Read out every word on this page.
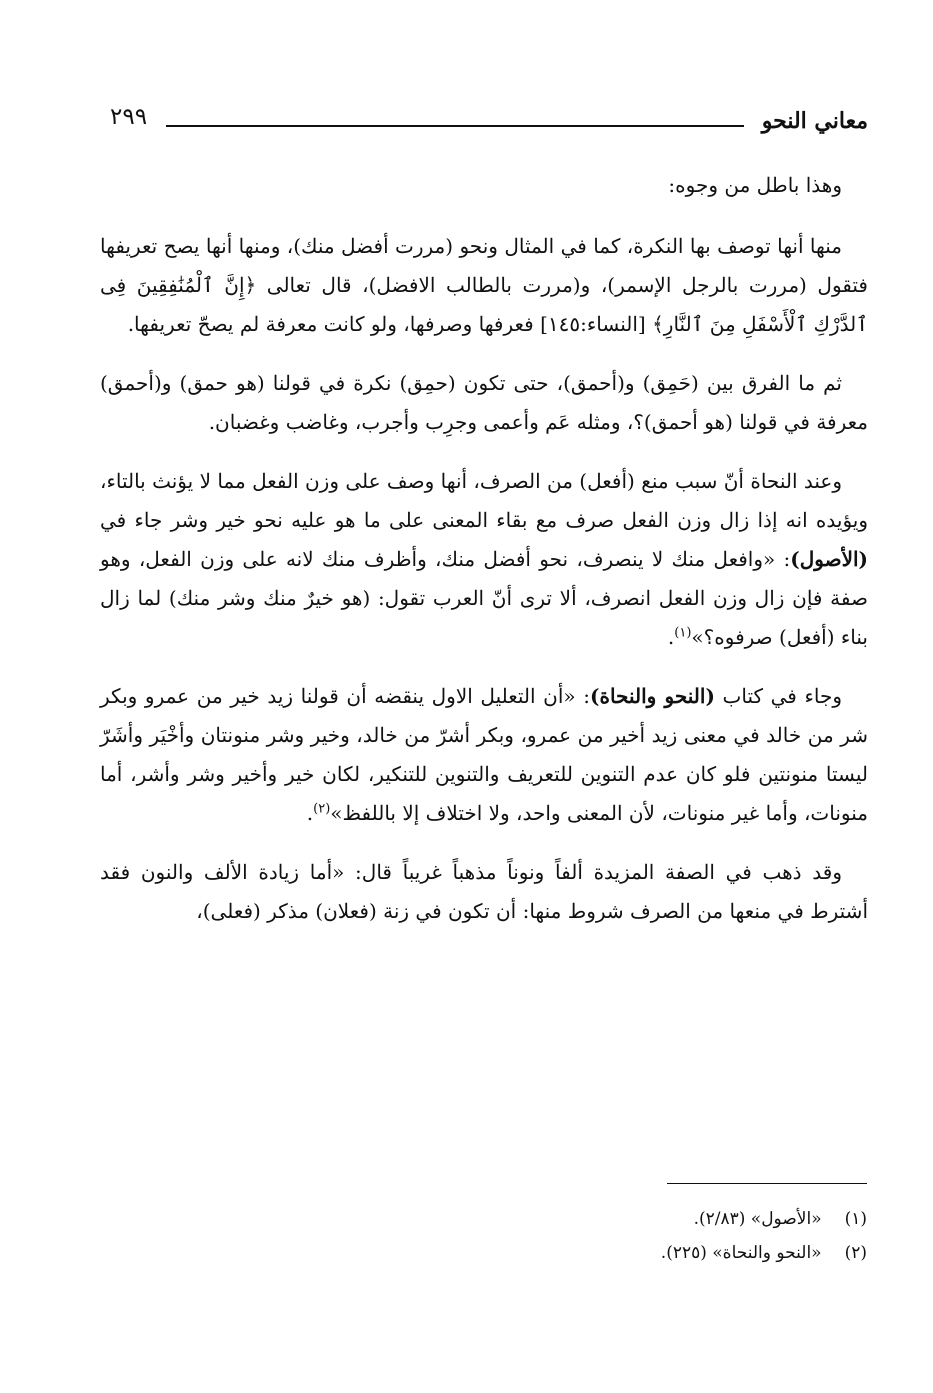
معاني النحو
٢٩٩

وهذا باطل من وجوه:

منها أنها توصف بها النكرة، كما في المثال ونحو (مررت أفضل منك)، ومنها أنها يصح تعريفها فتقول (مررت بالرجل الإسمر)، و(مررت بالطالب الافضل)، قال تعالى ﴿إِنَّ ٱلْمُنَٰفِقِينَ فِى ٱلدَّرْكِ ٱلْأَسْفَلِ مِنَ ٱلنَّارِ﴾ [النساء:١٤٥] فعرفها وصرفها، ولو كانت معرفة لم يصحّ تعريفها.

ثم ما الفرق بين (حَمِق) و(أحمق)، حتى تكون (حمِق) نكرة في قولنا (هو حمق) و(أحمق) معرفة في قولنا (هو أحمق)؟، ومثله عَم وأعمى وجرِب وأجرب، وغاضب وغضبان.

وعند النحاة أنّ سبب منع (أفعل) من الصرف، أنها وصف على وزن الفعل مما لا يؤنث بالتاء، ويؤيده انه إذا زال وزن الفعل صرف مع بقاء المعنى على ما هو عليه نحو خير وشر جاء في (الأصول): «وافعل منك لا ينصرف، نحو أفضل منك، وأظرف منك لانه على وزن الفعل، وهو صفة فإن زال وزن الفعل انصرف، ألا ترى أنّ العرب تقول: (هو خيرٌ منك وشر منك) لما زال بناء (أفعل) صرفوه؟»$^{(١)}$.

وجاء في كتاب (النحو والنحاة): «أن التعليل الاول ينقضه أن قولنا زيد خير من عمرو وبكر شر من خالد في معنى زيد أخير من عمرو، وبكر أشرّ من خالد، وخير وشر منونتان وأخْيَر وأشَرّ ليستا منونتين فلو كان عدم التنوين للتعريف والتنوين للتنكير، لكان خير وأخير وشر وأشر، أما منونات، وأما غير منونات، لأن المعنى واحد، ولا اختلاف إلا باللفظ»$^{(٢)}$.

وقد ذهب في الصفة المزيدة ألفاً ونوناً مذهباً غريباً قال: «أما زيادة الألف والنون فقد أشترط في منعها من الصرف شروط منها: أن تكون في زنة (فعلان) مذكر (فعلى)،

(١) «الأصول» (٢/٨٣).
(٢) «النحو والنحاة» (٢٢٥).
